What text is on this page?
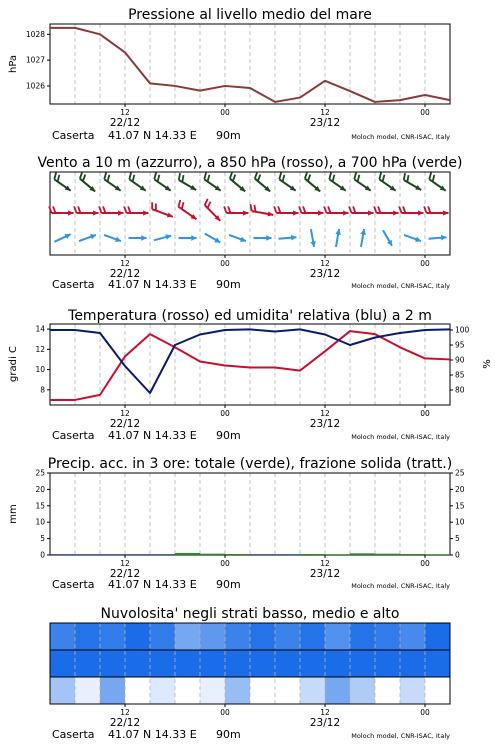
Pressione al livello medio del mare
hPa
1026
1027
1028
12	00	12	00
22/12	23/12
Vento a 10 m (azzurro), a 850 hPa (rosso), a 700 hPa (verde)
12	00	12	00
22/12	23/12
Temperatura (rosso) ed umidita' relativa (blu) a 2 m
gradi C	%
8
10
12
14
80
85
90
95
100
12	00	12	00
22/12	23/12
Precip. acc. in 3 ore: totale (verde), frazione solida (tratt.)
mm
0
5
10
15
20
25
0
5
10
15
20
25
12	00	12	00
22/12	23/12
Nuvolosita' negli strati basso, medio e alto
12	00	12	00
22/12	23/12
Caserta 41.07 N 14.33 E 90m	Moloch model, CNR-ISAC, Italy
Caserta 41.07 N 14.33 E 90m	Moloch model, CNR-ISAC, Italy
Caserta 41.07 N 14.33 E 90m	Moloch model, CNR-ISAC, Italy
Caserta 41.07 N 14.33 E 90m	Moloch model, CNR-ISAC, Italy
Caserta 41.07 N 14.33 E 90m	Moloch model, CNR-ISAC, Italy
